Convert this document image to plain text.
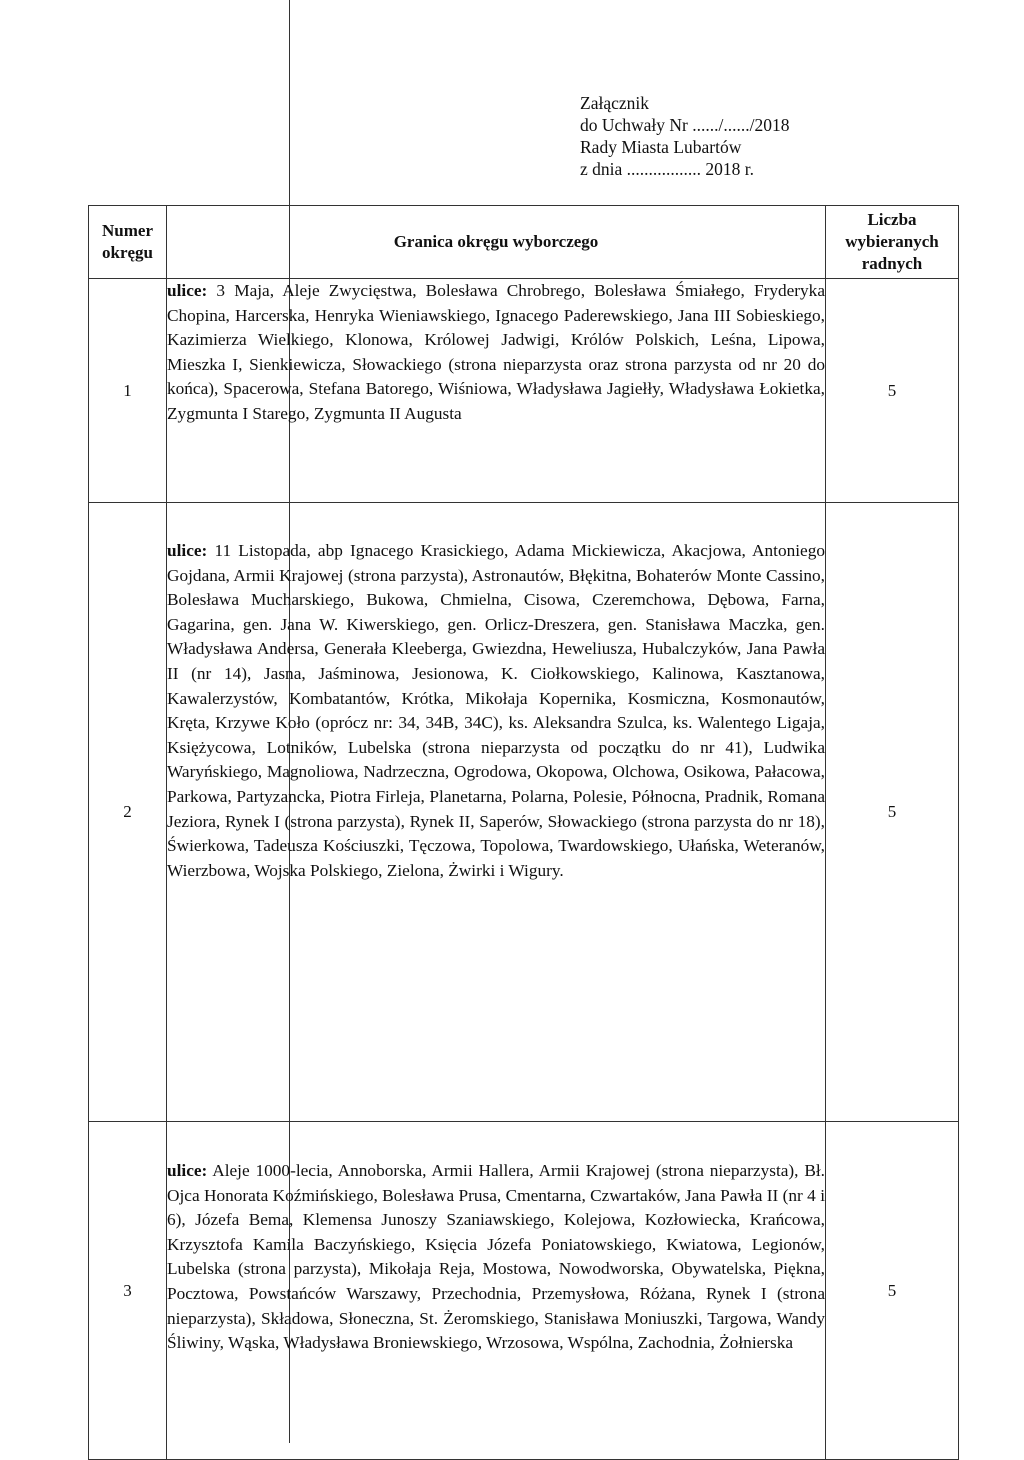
Załącznik
do Uchwały Nr ....../....../2018
Rady Miasta Lubartów
z dnia ................. 2018 r.
Numer okręgu	Granica okręgu wyborczego	Liczba wybieranych radnych
1	ulice: 3 Maja, Aleje Zwycięstwa, Bolesława Chrobrego, Bolesława Śmiałego, Fryderyka Chopina, Harcerska, Henryka Wieniawskiego, Ignacego Paderewskiego, Jana III Sobieskiego, Kazimierza Wielkiego, Klonowa, Królowej Jadwigi, Królów Polskich, Leśna, Lipowa, Mieszka I, Sienkiewicza, Słowackiego (strona nieparzysta oraz strona parzysta od nr 20 do końca), Spacerowa, Stefana Batorego, Wiśniowa, Władysława Jagiełły, Władysława Łokietka, Zygmunta I Starego, Zygmunta II Augusta	5
2	ulice: 11 Listopada, abp Ignacego Krasickiego, Adama Mickiewicza, Akacjowa, Antoniego Gojdana, Armii Krajowej (strona parzysta), Astronautów, Błękitna, Bohaterów Monte Cassino, Bolesława Mucharskiego, Bukowa, Chmielna, Cisowa, Czeremchowa, Dębowa, Farna, Gagarina, gen. Jana W. Kiwerskiego, gen. Orlicz-Dreszera, gen. Stanisława Maczka, gen. Władysława Andersa, Generała Kleeberga, Gwiezdna, Heweliusza, Hubalczyków, Jana Pawła II (nr 14), Jasna, Jaśminowa, Jesionowa, K. Ciołkowskiego, Kalinowa, Kasztanowa, Kawalerzystów, Kombatantów, Krótka, Mikołaja Kopernika, Kosmiczna, Kosmonautów, Kręta, Krzywe Koło (oprócz nr: 34, 34B, 34C), ks. Aleksandra Szulca, ks. Walentego Ligaja, Księżycowa, Lotników, Lubelska (strona nieparzysta od początku do nr 41), Ludwika Waryńskiego, Magnoliowa, Nadrzeczna, Ogrodowa, Okopowa, Olchowa, Osikowa, Pałacowa, Parkowa, Partyzancka, Piotra Firleja, Planetarna, Polarna, Polesie, Północna, Pradnik, Romana Jeziora, Rynek I (strona parzysta), Rynek II, Saperów, Słowackiego (strona parzysta do nr 18), Świerkowa, Tadeusza Kościuszki, Tęczowa, Topolowa, Twardowskiego, Ułańska, Weteranów, Wierzbowa, Wojska Polskiego, Zielona, Żwirki i Wigury.	5
3	ulice: Aleje 1000-lecia, Annoborska, Armii Hallera, Armii Krajowej (strona nieparzysta), Bł. Ojca Honorata Koźmińskiego, Bolesława Prusa, Cmentarna, Czwartaków, Jana Pawła II (nr 4 i 6), Józefa Bema, Klemensa Junoszy Szaniawskiego, Kolejowa, Kozłowiecka, Krańcowa, Krzysztofa Kamila Baczyńskiego, Księcia Józefa Poniatowskiego, Kwiatowa, Legionów, Lubelska (strona parzysta), Mikołaja Reja, Mostowa, Nowodworska, Obywatelska, Piękna, Pocztowa, Powstańców Warszawy, Przechodnia, Przemysłowa, Różana, Rynek I (strona nieparzysta), Składowa, Słoneczna, St. Żeromskiego, Stanisława Moniuszki, Targowa, Wandy Śliwiny, Wąska, Władysława Broniewskiego, Wrzosowa, Wspólna, Zachodnia, Żołnierska	5
